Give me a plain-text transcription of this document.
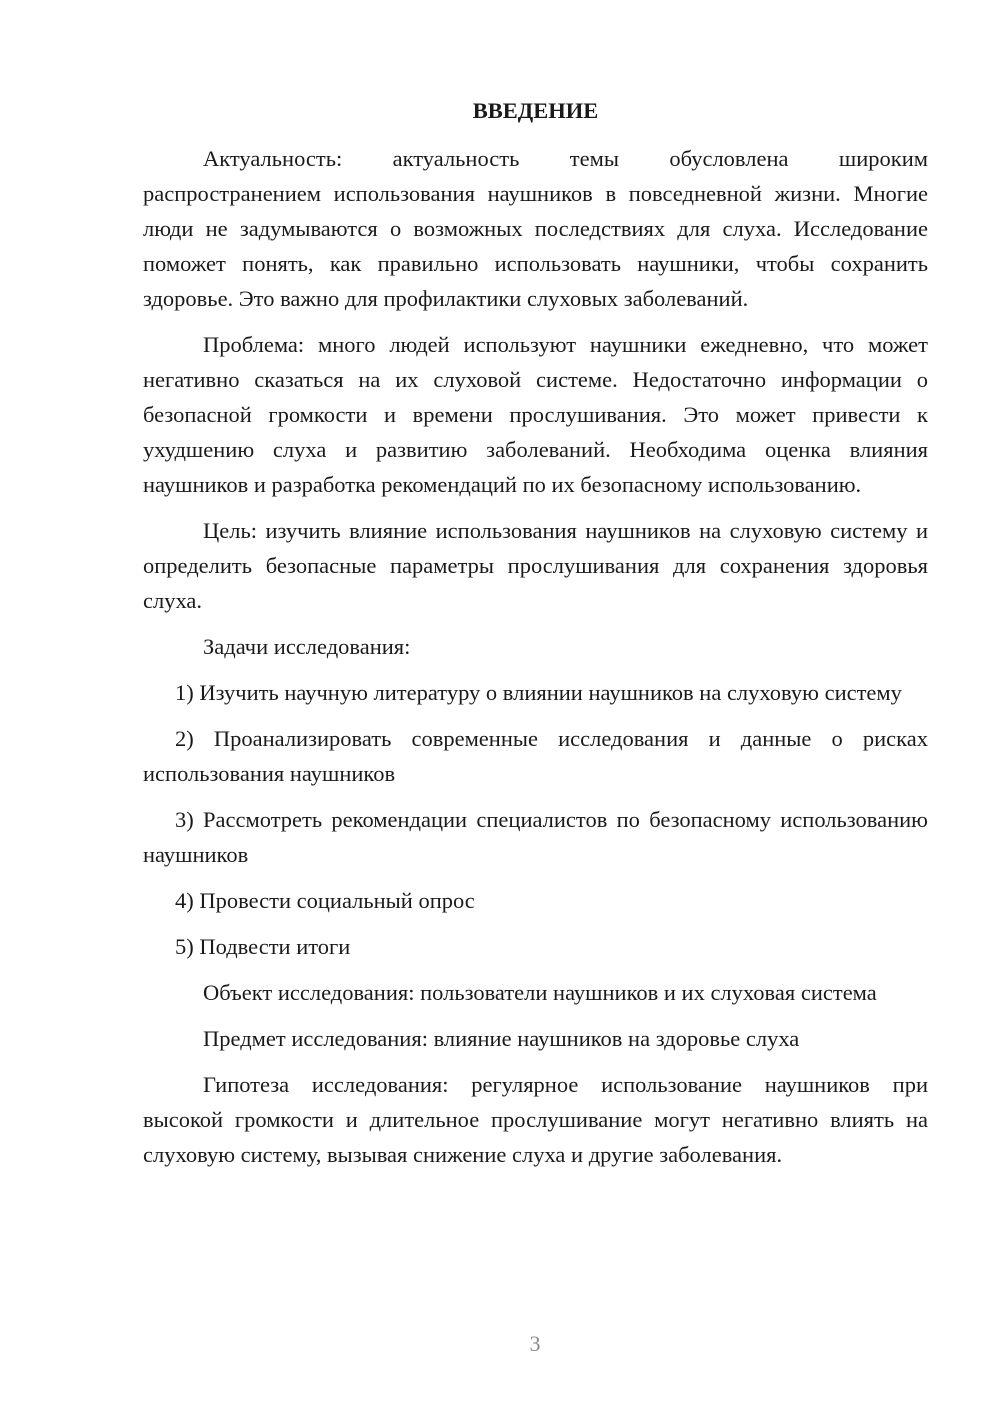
ВВЕДЕНИЕ

Актуальность: актуальность темы обусловлена широким распространением использования наушников в повседневной жизни. Многие люди не задумываются о возможных последствиях для слуха. Исследование поможет понять, как правильно использовать наушники, чтобы сохранить здоровье. Это важно для профилактики слуховых заболеваний.

Проблема: много людей используют наушники ежедневно, что может негативно сказаться на их слуховой системе. Недостаточно информации о безопасной громкости и времени прослушивания. Это может привести к ухудшению слуха и развитию заболеваний. Необходима оценка влияния наушников и разработка рекомендаций по их безопасному использованию.

Цель: изучить влияние использования наушников на слуховую систему и определить безопасные параметры прослушивания для сохранения здоровья слуха.

Задачи исследования:

1) Изучить научную литературу о влиянии наушников на слуховую систему

2) Проанализировать современные исследования и данные о рисках использования наушников

3) Рассмотреть рекомендации специалистов по безопасному использованию наушников

4) Провести социальный опрос

5) Подвести итоги

Объект исследования: пользователи наушников и их слуховая система

Предмет исследования: влияние наушников на здоровье слуха

Гипотеза исследования: регулярное использование наушников при высокой громкости и длительное прослушивание могут негативно влиять на слуховую систему, вызывая снижение слуха и другие заболевания.

3
